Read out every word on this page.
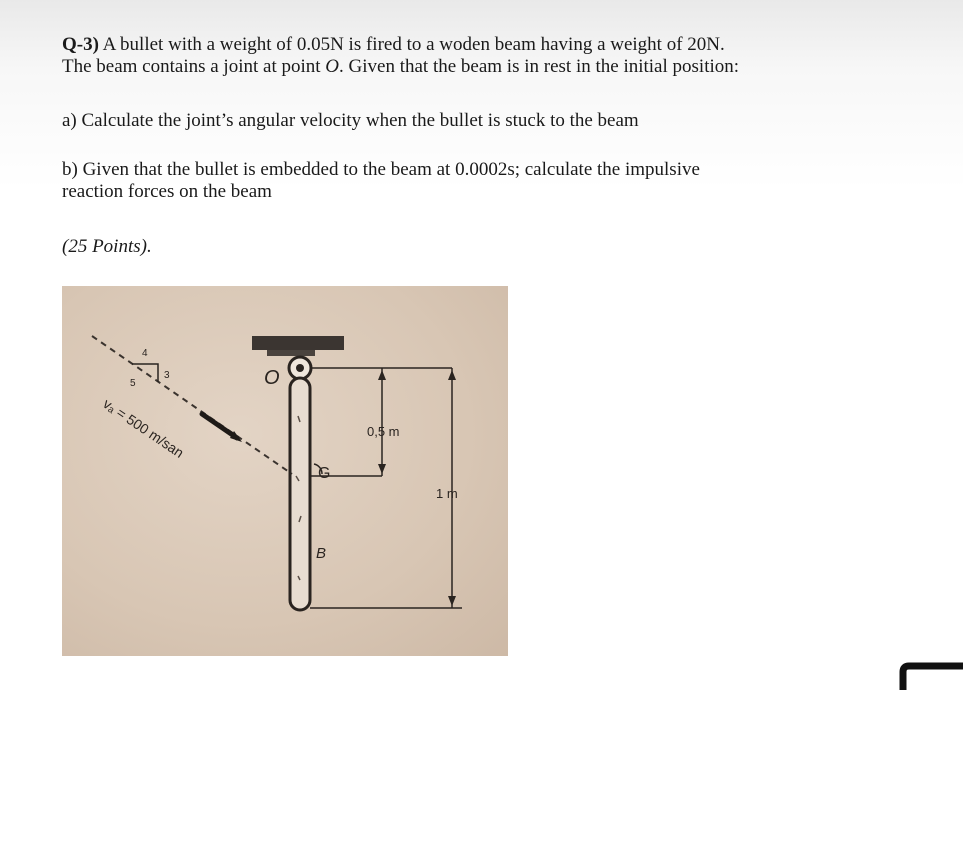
Q-3) A bullet with a weight of 0.05N is fired to a woden beam having a weight of 20N.
The beam contains a joint at point O. Given that the beam is in rest in the initial position:
a) Calculate the joint’s angular velocity when the bullet is stuck to the beam
b) Given that the bullet is embedded to the beam at 0.0002s; calculate the impulsive
reaction forces on the beam
(25 Points).
4
3
5
vₐ = 500 m/san
G
B
O
0,5 m
1 m
